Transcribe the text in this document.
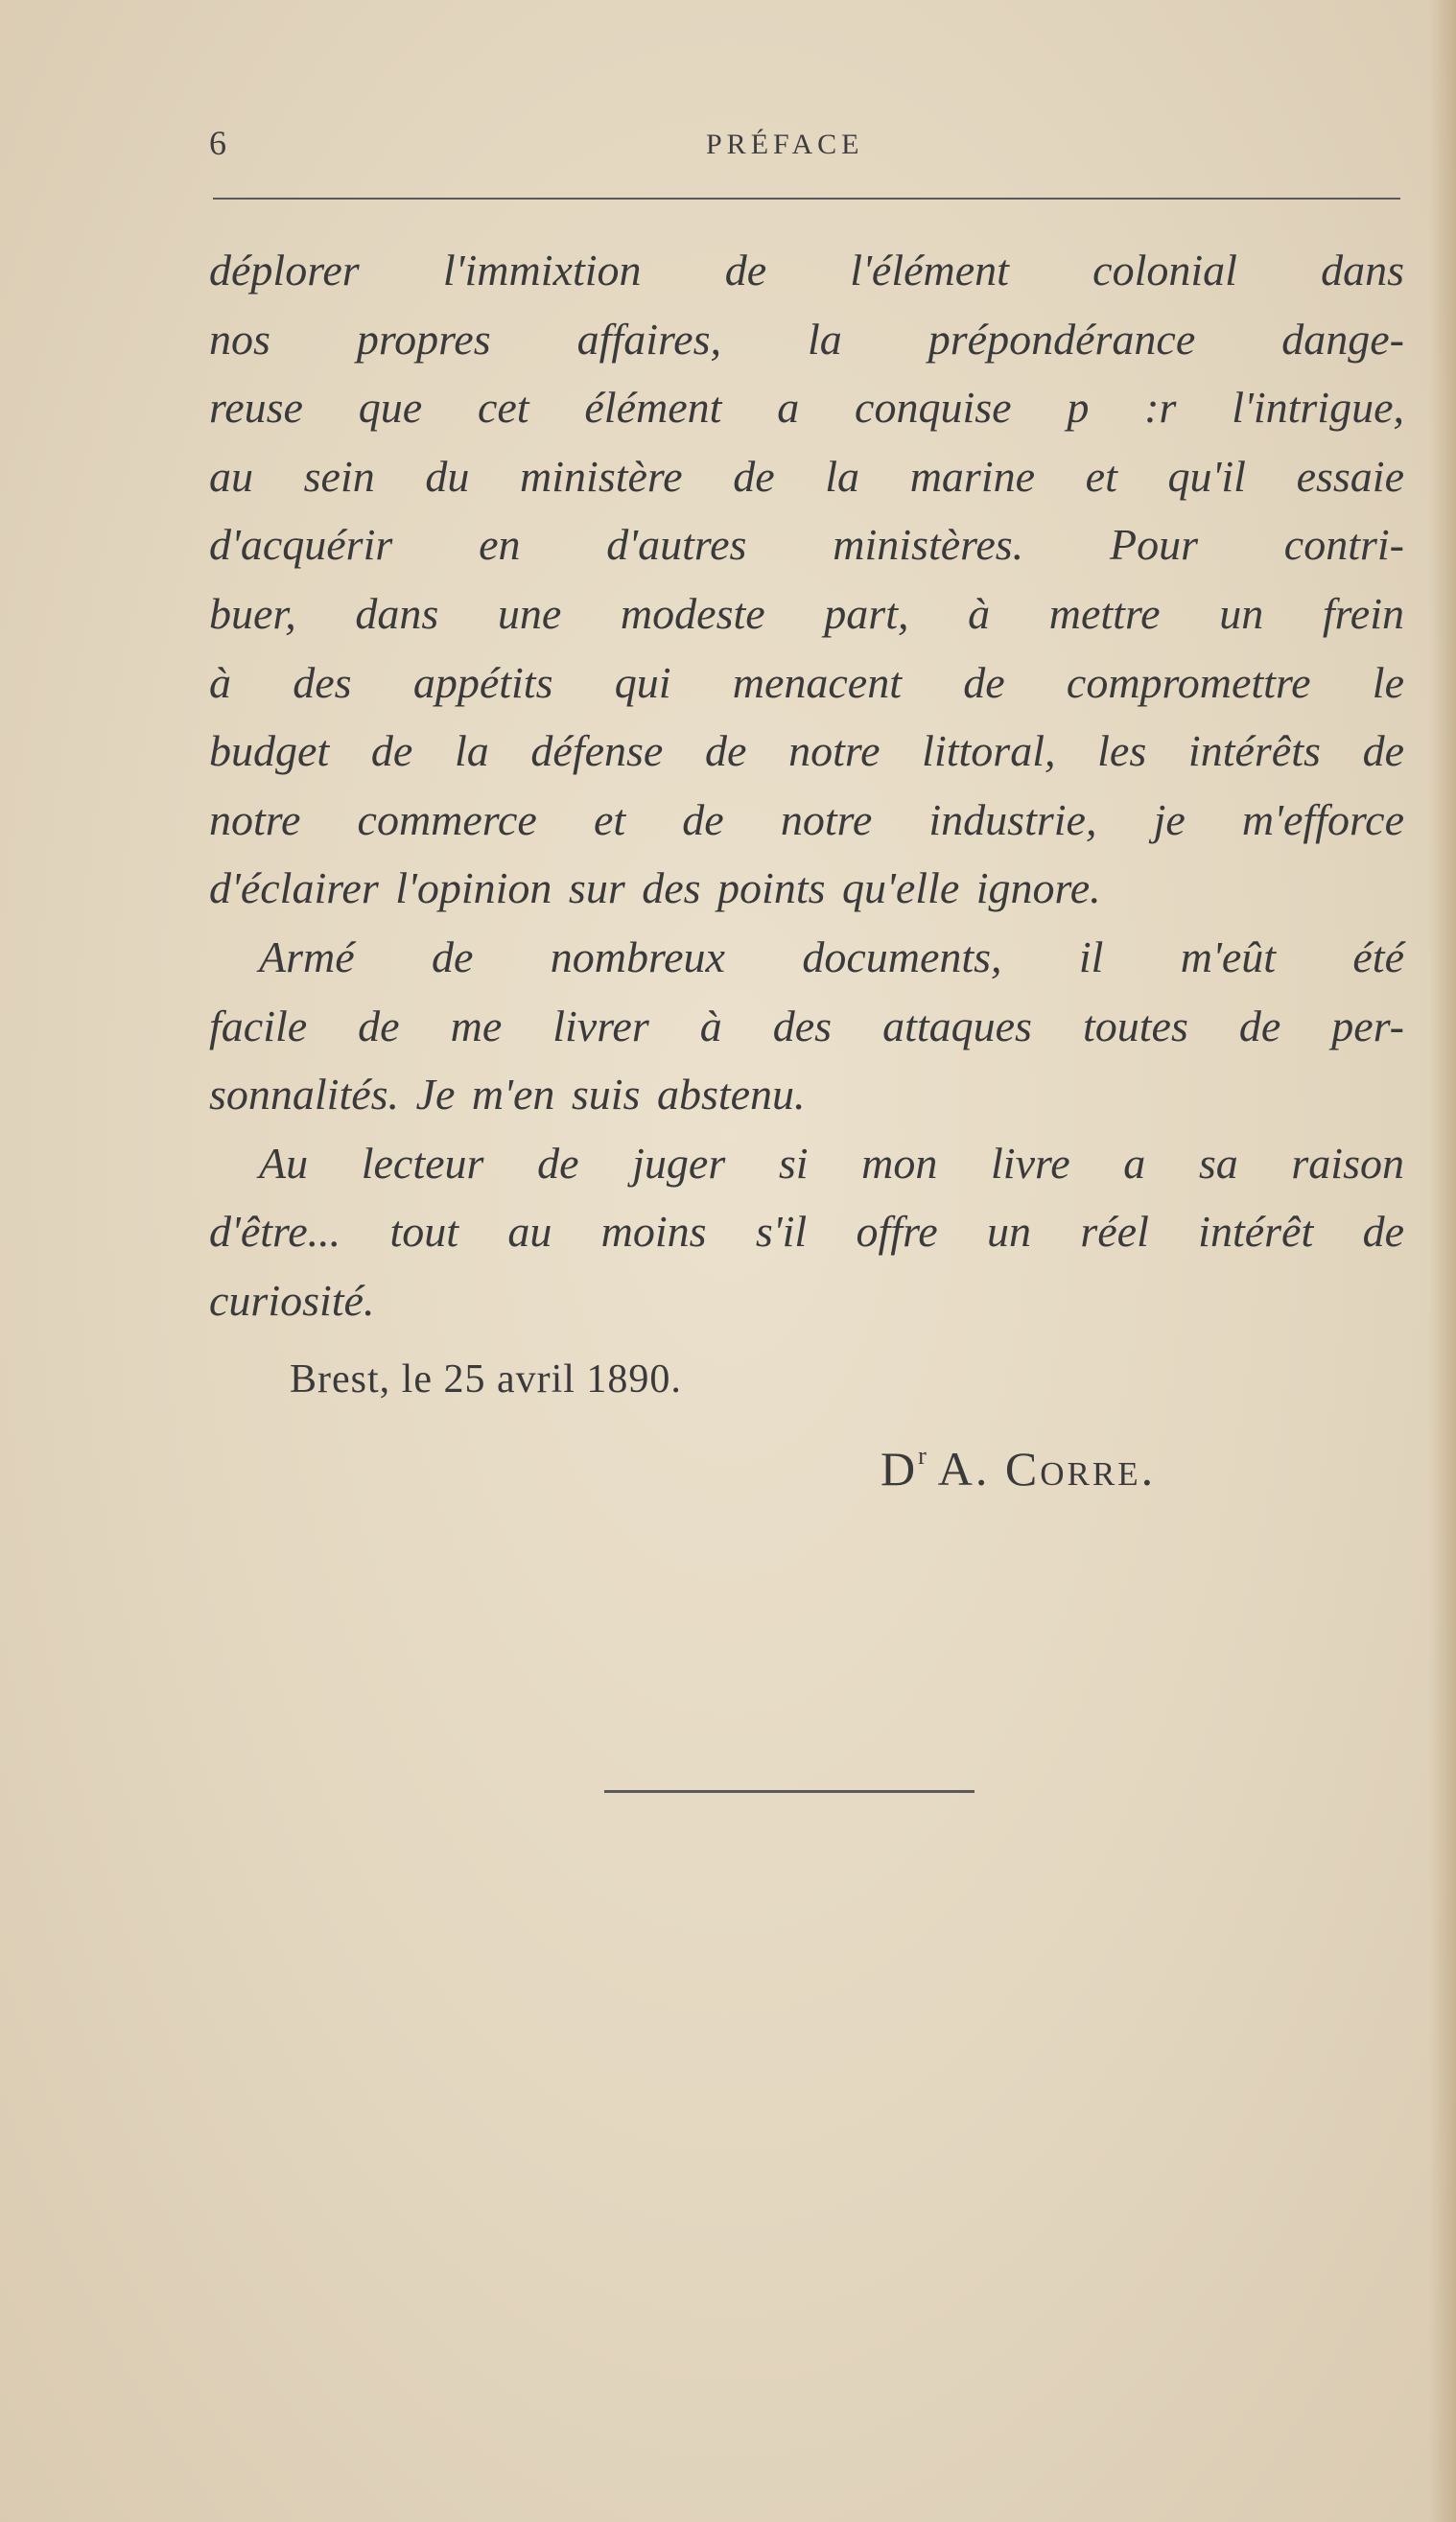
6	PRÉFACE
déplorer l'immixtion de l'élément colonial dans
nos propres affaires, la prépondérance dange-
reuse que cet élément a conquise p :r l'intrigue,
au sein du ministère de la marine et qu'il essaie
d'acquérir en d'autres ministères. Pour contri-
buer, dans une modeste part, à mettre un frein
à des appétits qui menacent de compromettre le
budget de la défense de notre littoral, les intérêts de
notre commerce et de notre industrie, je m'efforce
d'éclairer l'opinion sur des points qu'elle ignore.
Armé de nombreux documents, il m'eût été
facile de me livrer à des attaques toutes de per-
sonnalités. Je m'en suis abstenu.
Au lecteur de juger si mon livre a sa raison
d'être... tout au moins s'il offre un réel intérêt de
curiosité.
Brest, le 25 avril 1890.
$D^r$ A. Corre.
